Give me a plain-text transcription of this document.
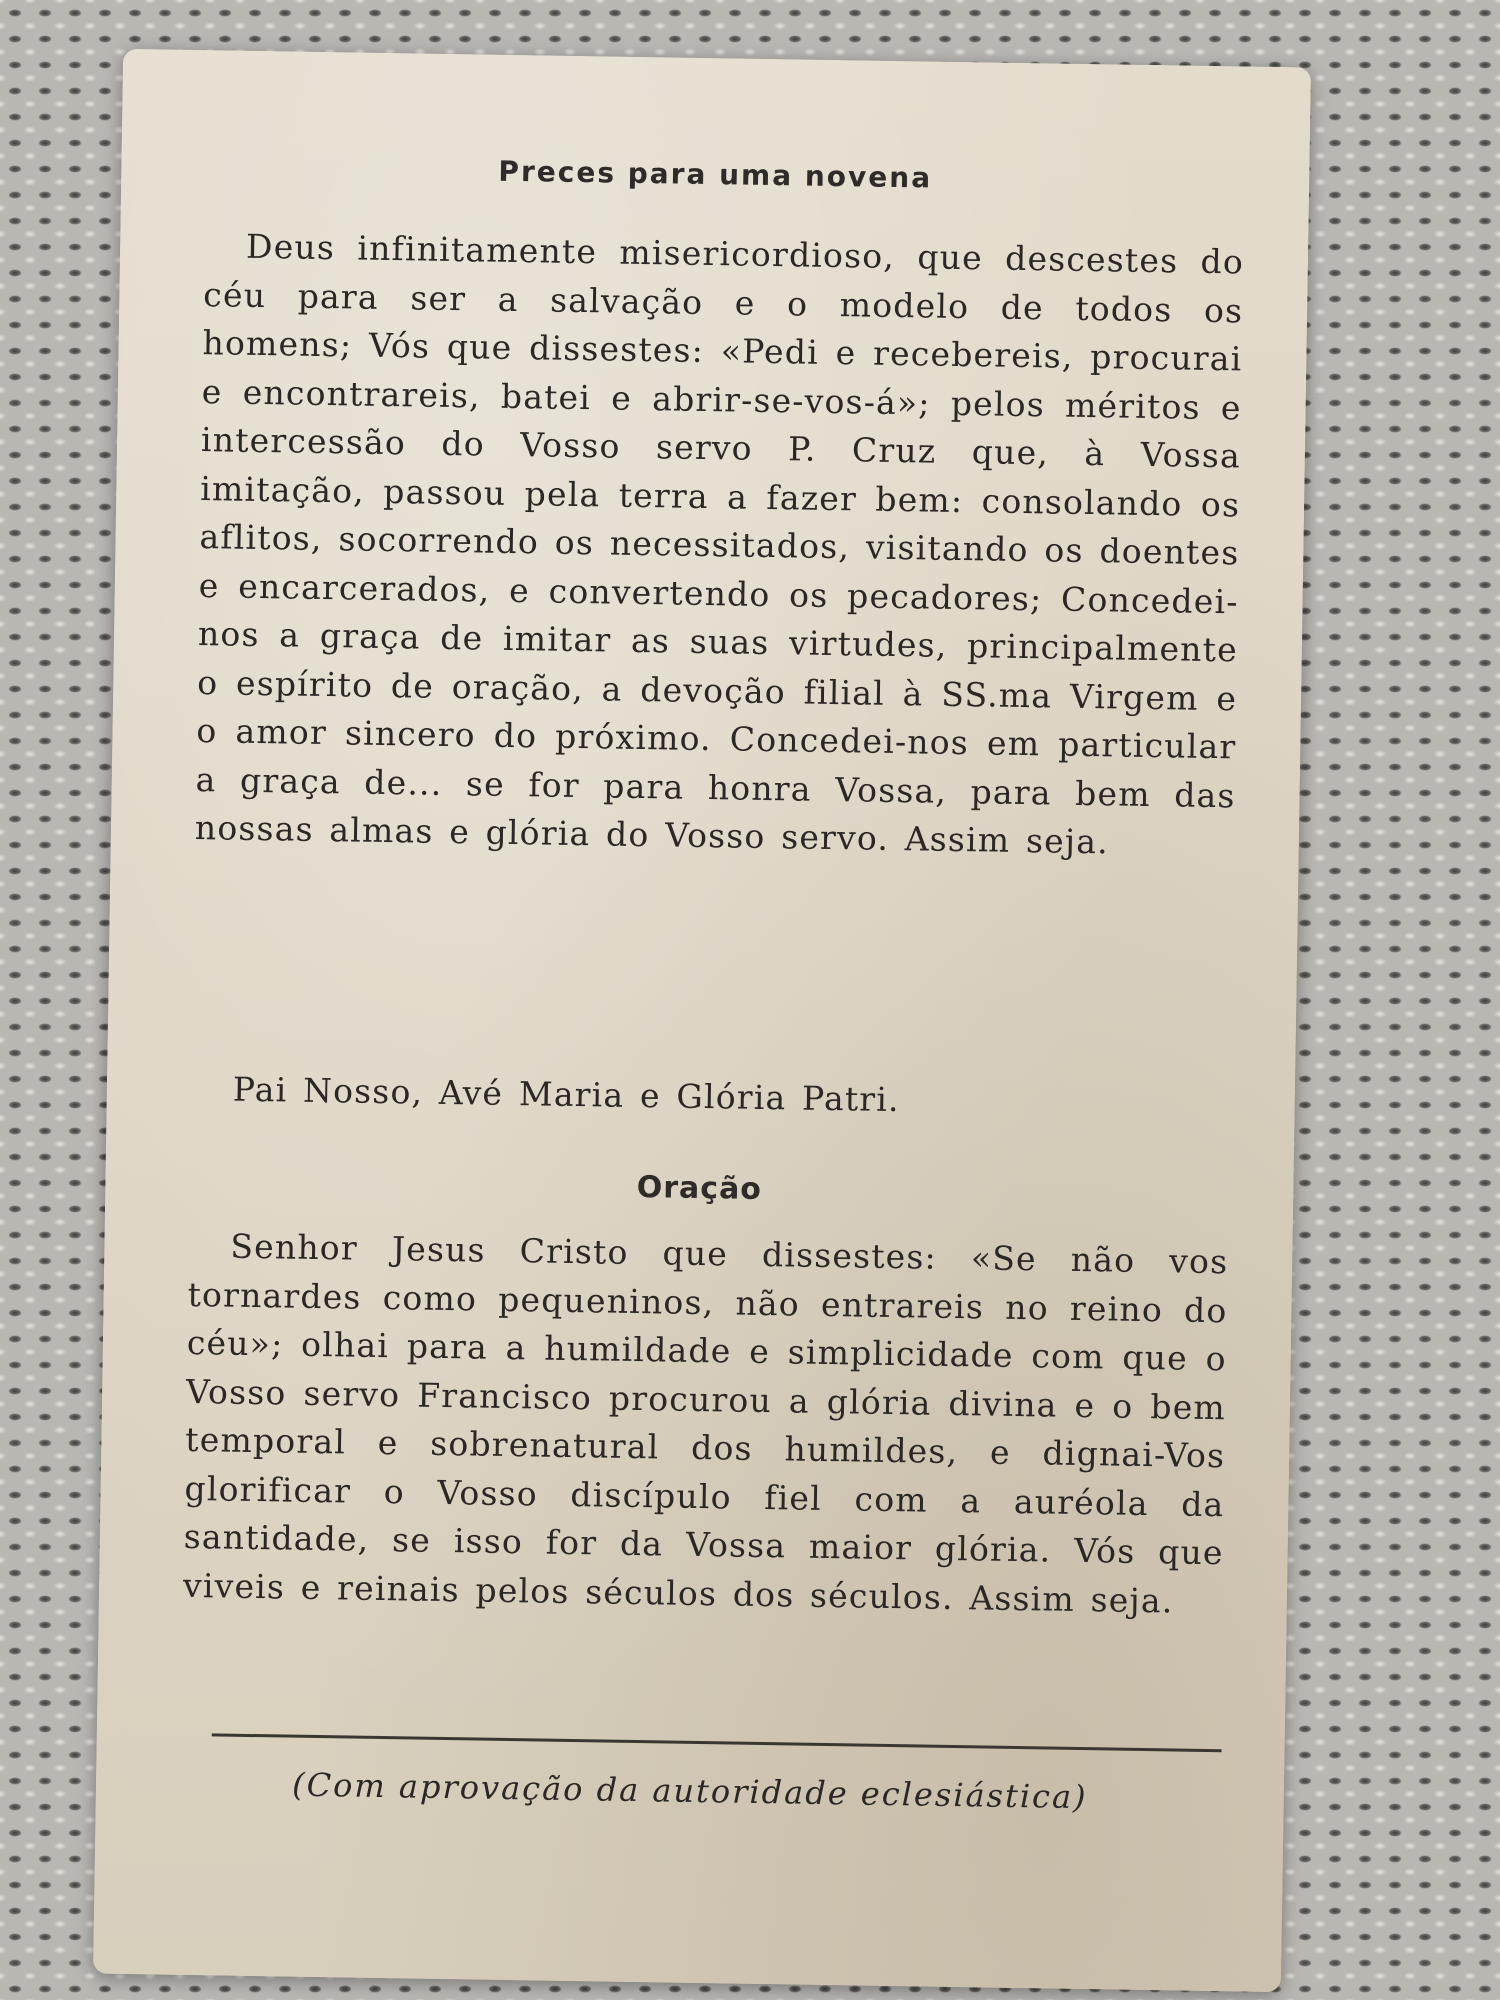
Preces para uma novena
Deus infinitamente misericordioso, que descestes do céu para ser a salvação e o modelo de todos os homens; Vós que dissestes: «Pedi e recebereis, procurai e encontrareis, batei e abrir-se-vos-á»; pelos méritos e intercessão do Vosso servo P. Cruz que, à Vossa imitação, passou pela terra a fazer bem: consolando os aflitos, socorrendo os necessitados, visitando os doentes e encarcerados, e convertendo os pecadores; Concedei-nos a graça de imitar as suas virtudes, principalmente o espírito de oração, a devoção filial à SS.ma Virgem e o amor sincero do próximo. Concedei-nos em particular a graça de... se for para honra Vossa, para bem das nossas almas e glória do Vosso servo. Assim seja.
Pai Nosso, Avé Maria e Glória Patri.
Oração
Senhor Jesus Cristo que dissestes: «Se não vos tornardes como pequeninos, não entrareis no reino do céu»; olhai para a humildade e simplicidade com que o Vosso servo Francisco procurou a glória divina e o bem temporal e sobrenatural dos humildes, e dignai-Vos glorificar o Vosso discípulo fiel com a auréola da santidade, se isso for da Vossa maior glória. Vós que viveis e reinais pelos séculos dos séculos. Assim seja.
(Com aprovação da autoridade eclesiástica)
